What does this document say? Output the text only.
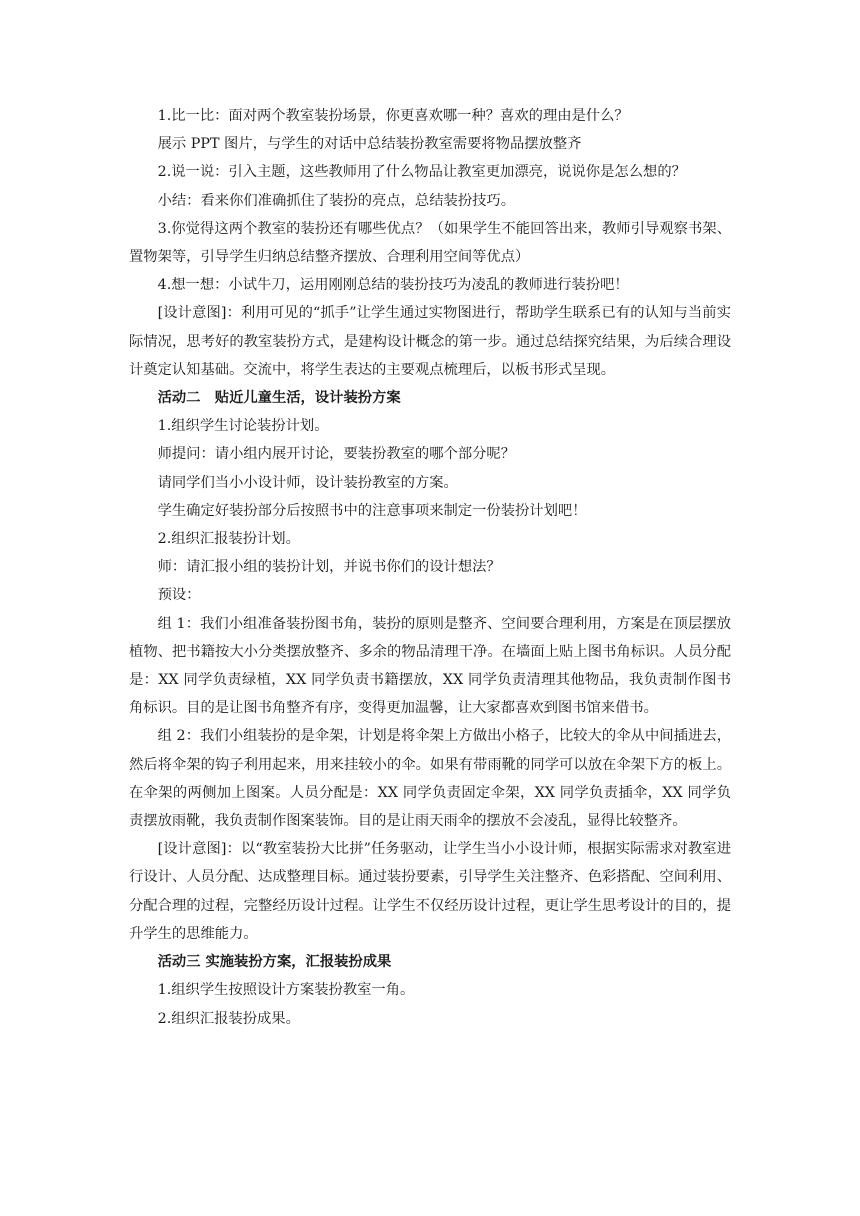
1.比一比：面对两个教室装扮场景，你更喜欢哪一种？喜欢的理由是什么？

展示 PPT 图片，与学生的对话中总结装扮教室需要将物品摆放整齐

2.说一说：引入主题，这些教师用了什么物品让教室更加漂亮，说说你是怎么想的？

小结：看来你们准确抓住了装扮的亮点，总结装扮技巧。

3.你觉得这两个教室的装扮还有哪些优点？（如果学生不能回答出来，教师引导观察书架、置物架等，引导学生归纳总结整齐摆放、合理利用空间等优点）

4.想一想：小试牛刀，运用刚刚总结的装扮技巧为凌乱的教师进行装扮吧！

[设计意图]：利用可见的“抓手”让学生通过实物图进行，帮助学生联系已有的认知与当前实际情况，思考好的教室装扮方式，是建构设计概念的第一步。通过总结探究结果，为后续合理设计奠定认知基础。交流中，将学生表达的主要观点梳理后，以板书形式呈现。

活动二　贴近儿童生活，设计装扮方案

1.组织学生讨论装扮计划。

师提问：请小组内展开讨论，要装扮教室的哪个部分呢？

请同学们当小小设计师，设计装扮教室的方案。

学生确定好装扮部分后按照书中的注意事项来制定一份装扮计划吧！

2.组织汇报装扮计划。

师：请汇报小组的装扮计划，并说书你们的设计想法？

预设：

组 1：我们小组准备装扮图书角，装扮的原则是整齐、空间要合理利用，方案是在顶层摆放植物、把书籍按大小分类摆放整齐、多余的物品清理干净。在墙面上贴上图书角标识。人员分配是：XX 同学负责绿植，XX 同学负责书籍摆放，XX 同学负责清理其他物品，我负责制作图书角标识。目的是让图书角整齐有序，变得更加温馨，让大家都喜欢到图书馆来借书。

组 2：我们小组装扮的是伞架，计划是将伞架上方做出小格子，比较大的伞从中间插进去，然后将伞架的钩子利用起来，用来挂较小的伞。如果有带雨靴的同学可以放在伞架下方的板上。在伞架的两侧加上图案。人员分配是：XX 同学负责固定伞架，XX 同学负责插伞，XX 同学负责摆放雨靴，我负责制作图案装饰。目的是让雨天雨伞的摆放不会凌乱，显得比较整齐。

[设计意图]：以“教室装扮大比拼”任务驱动，让学生当小小设计师，根据实际需求对教室进行设计、人员分配、达成整理目标。通过装扮要素，引导学生关注整齐、色彩搭配、空间利用、分配合理的过程，完整经历设计过程。让学生不仅经历设计过程，更让学生思考设计的目的，提升学生的思维能力。

活动三 实施装扮方案，汇报装扮成果

1.组织学生按照设计方案装扮教室一角。

2.组织汇报装扮成果。
